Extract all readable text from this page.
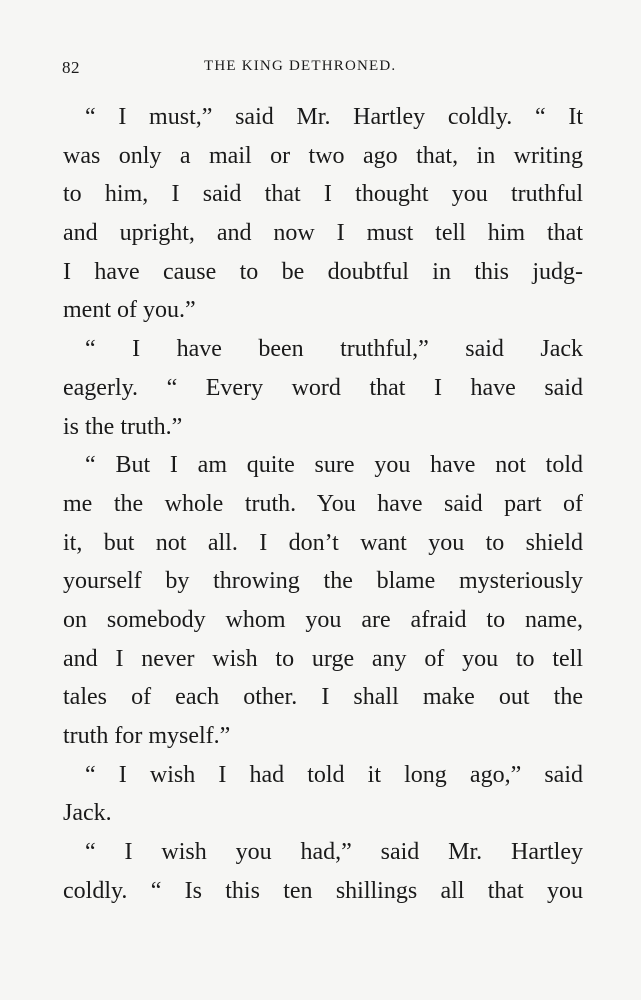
82	THE KING DETHRONED.
“ I must,” said Mr. Hartley coldly. “ It
was only a mail or two ago that, in writing
to him, I said that I thought you truthful
and upright, and now I must tell him that
I have cause to be doubtful in this judg-
ment of you.”
“ I have been truthful,” said Jack
eagerly. “ Every word that I have said
is the truth.”
“ But I am quite sure you have not told
me the whole truth. You have said part of
it, but not all. I don’t want you to shield
yourself by throwing the blame mysteriously
on somebody whom you are afraid to name,
and I never wish to urge any of you to tell
tales of each other. I shall make out the
truth for myself.”
“ I wish I had told it long ago,” said
Jack.
“ I wish you had,” said Mr. Hartley
coldly. “ Is this ten shillings all that you
